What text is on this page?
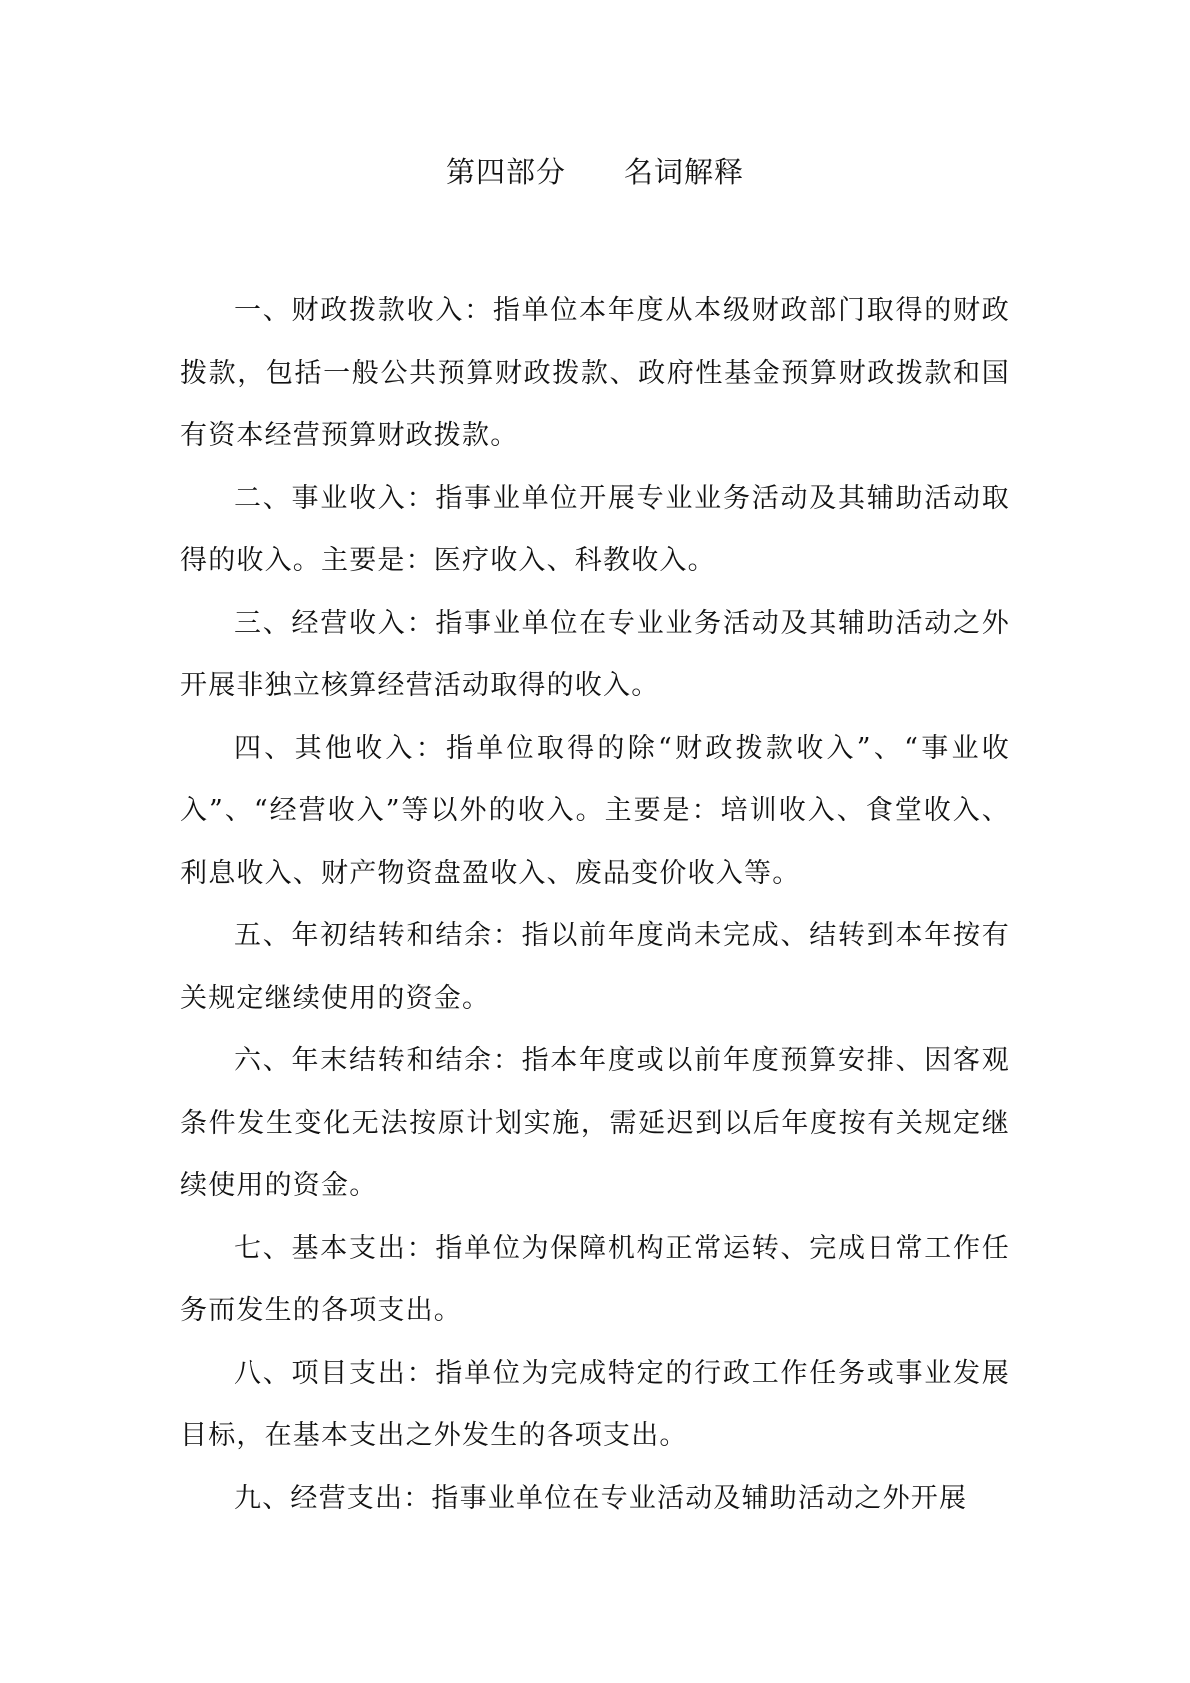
第四部分 名词解释

一、财政拨款收入：指单位本年度从本级财政部门取得的财政拨款，包括一般公共预算财政拨款、政府性基金预算财政拨款和国有资本经营预算财政拨款。

二、事业收入：指事业单位开展专业业务活动及其辅助活动取得的收入。主要是：医疗收入、科教收入。

三、经营收入：指事业单位在专业业务活动及其辅助活动之外开展非独立核算经营活动取得的收入。

四、其他收入：指单位取得的除“财政拨款收入”、“事业收入”、“经营收入”等以外的收入。主要是：培训收入、食堂收入、利息收入、财产物资盘盈收入、废品变价收入等。

五、年初结转和结余：指以前年度尚未完成、结转到本年按有关规定继续使用的资金。

六、年末结转和结余：指本年度或以前年度预算安排、因客观条件发生变化无法按原计划实施，需延迟到以后年度按有关规定继续使用的资金。

七、基本支出：指单位为保障机构正常运转、完成日常工作任务而发生的各项支出。

八、项目支出：指单位为完成特定的行政工作任务或事业发展目标，在基本支出之外发生的各项支出。

九、经营支出：指事业单位在专业活动及辅助活动之外开展
